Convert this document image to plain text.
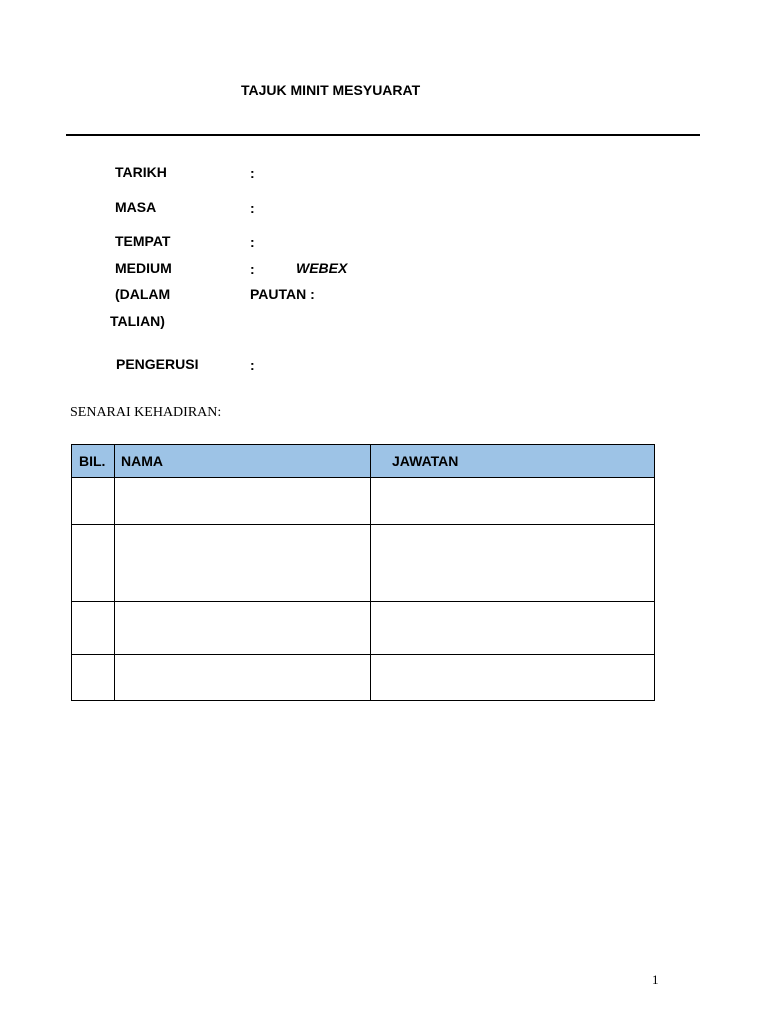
TAJUK MINIT MESYUARAT
TARIKH	:
MASA	:
TEMPAT	:
MEDIUM	:	WEBEX
(DALAM	PAUTAN :
TALIAN)
PENGERUSI	:
SENARAI KEHADIRAN:
BIL.	NAMA	JAWATAN

1
